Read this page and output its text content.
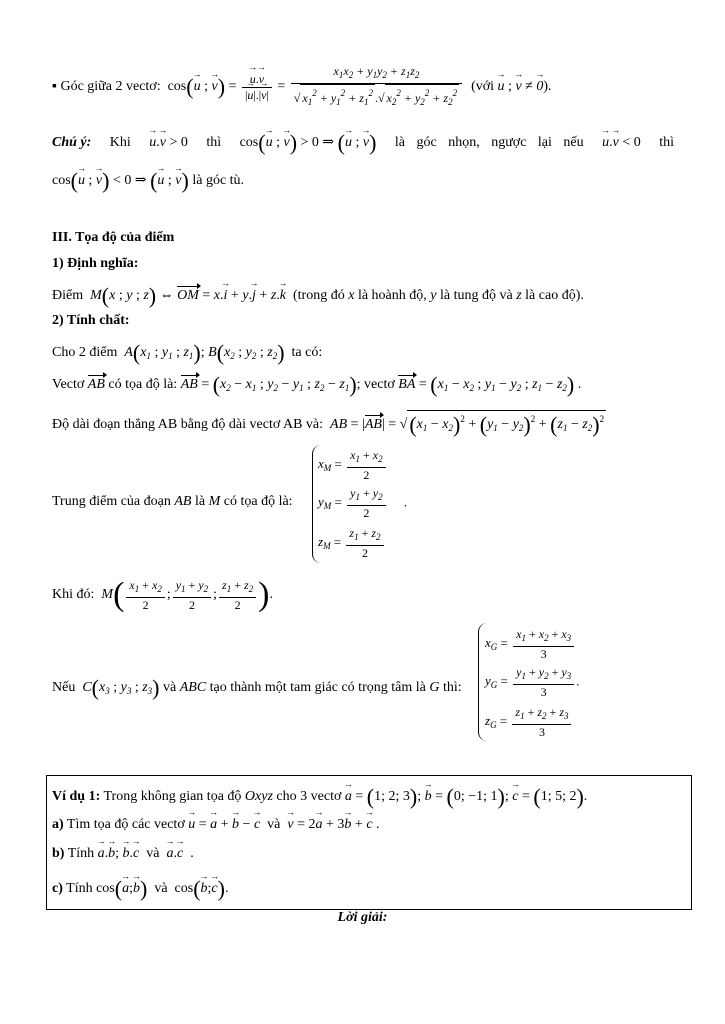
▪ Góc giữa 2 vectơ:  cos(→ u ; → v) = → $\frac{u.\to v}{|\to u|.|\to v|} = \frac{x_1x_2 + y_1y_2 + z_1z_2}{√ x_1^2 + y_1^2 + z_1^2 .√ x_2^2 + y_2^2 + z_2^2}$ (với → u ; → v ≠ → 0).
Chú ý: Khi → u.→ v > 0 thì cos(→ u ; → v) > 0 ⇒ (→ u ; → v) là góc nhọn, ngược lại nếu → u.→ v < 0 thì
cos(→ u ; → v) < 0 ⇒ (→ u ; → v) là góc tù.
III. Tọa độ của điểm
1) Định nghĩa:
Điểm  M(x ; y ; z) ⇔ OM = x.→ i + y.→ j + z.→ k (trong đó x là hoành độ, y là tung độ và z là cao độ).
2) Tính chất:
Cho 2 điểm  $A(x_1$ ; $y_1$ ; $z_1$); $B(x_2$ ; $y_2$ ; $z_2$) ta có:
Vectơ AB có tọa độ là: AB = ($x_2 - x_1$ ; $y_2 - y_1$ ; $z_2 - z_1$); vectơ BA = ($x_1 - x_2$ ; $y_1 - y_2$ ; $z_1 - z_2$) .
Độ dài đoạn thẳng AB bằng độ dài vectơ AB và:  AB = $|AB| = √(x_1 - x_2)^2 + (y_1 - y_2)^2 + (z_1 - z_2)^2$
Trung điểm của đoạn AB là M có tọa độ là:
$x_M = \frac{x_1 + x_2}{2}$
$y_M = \frac{y_1 + y_2}{2}$ .
$z_M = \frac{z_1 + z_2}{2}$
Khi đó:  $M( \frac{x_1 + x_2}{2}$ ; $\frac{y_1 + y_2}{2}$ ; $\frac{z_1 + z_2}{2}$ ).
Nếu  $C(x_3$ ; $y_3$ ; $z_3$) và ABC tạo thành một tam giác có trọng tâm là G thì:
$x_G = \frac{x_1 + x_2 + x_3}{3}$
$y_G = \frac{y_1 + y_2 + y_3}{3}$ .
$z_G = \frac{z_1 + z_2 + z_3}{3}$
Ví dụ 1: Trong không gian tọa độ Oxyz cho 3 vectơ → a = (1; 2; 3); → b = (0; −1; 1); → c = (1; 5; 2).
a) Tìm tọa độ các vectơ → u = → a + → b − → c và → v = 2→ a + 3→ b + → c .
b) Tính → a.→ b; → b.→ c và → a.→ c  .
c) Tính cos(→ a;→ b) và  cos(→ b;→ c).
Lời giải:
